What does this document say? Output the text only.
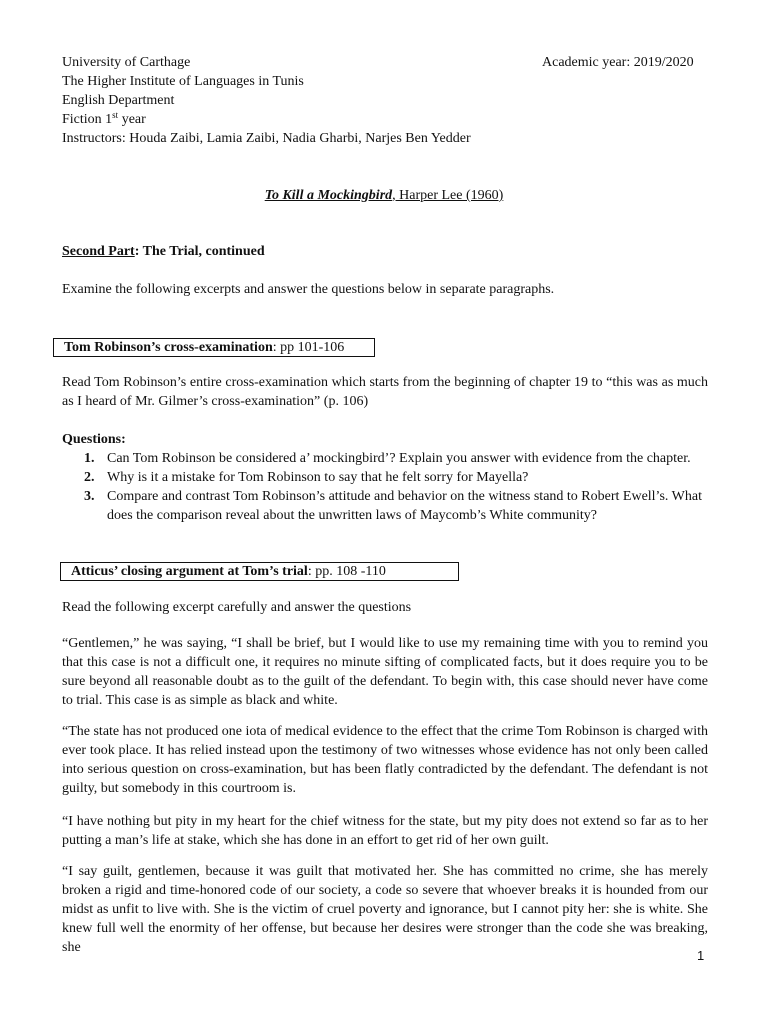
University of Carthage
The Higher Institute of Languages in Tunis
English Department
Fiction 1st year
Instructors: Houda Zaibi, Lamia Zaibi, Nadia Gharbi, Narjes Ben Yedder
Academic year: 2019/2020
To Kill a Mockingbird, Harper Lee (1960)
Second Part: The Trial, continued
Examine the following excerpts and answer the questions below in separate paragraphs.
Tom Robinson’s cross-examination: pp 101-106

Read Tom Robinson’s entire cross-examination which starts from the beginning of chapter 19 to “this was as much as I heard of Mr. Gilmer’s cross-examination” (p. 106)

Questions:
1. Can Tom Robinson be considered a’ mockingbird’? Explain you answer with evidence from the chapter.
2. Why is it a mistake for Tom Robinson to say that he felt sorry for Mayella?
3. Compare and contrast Tom Robinson’s attitude and behavior on the witness stand to Robert Ewell’s. What does the comparison reveal about the unwritten laws of Maycomb’s White community?
Atticus’ closing argument at Tom’s trial: pp. 108 -110
Read the following excerpt carefully and answer the questions

“Gentlemen,” he was saying, “I shall be brief, but I would like to use my remaining time with you to remind you that this case is not a difficult one, it requires no minute sifting of complicated facts, but it does require you to be sure beyond all reasonable doubt as to the guilt of the defendant. To begin with, this case should never have come to trial. This case is as simple as black and white.

“The state has not produced one iota of medical evidence to the effect that the crime Tom Robinson is charged with ever took place. It has relied instead upon the testimony of two witnesses whose evidence has not only been called into serious question on cross-examination, but has been flatly contradicted by the defendant. The defendant is not guilty, but somebody in this courtroom is.

“I have nothing but pity in my heart for the chief witness for the state, but my pity does not extend so far as to her putting a man’s life at stake, which she has done in an effort to get rid of her own guilt.

“I say guilt, gentlemen, because it was guilt that motivated her. She has committed no crime, she has merely broken a rigid and time-honored code of our society, a code so severe that whoever breaks it is hounded from our midst as unfit to live with. She is the victim of cruel poverty and ignorance, but I cannot pity her: she is white. She knew full well the enormity of her offense, but because her desires were stronger than the code she was breaking, she

1
